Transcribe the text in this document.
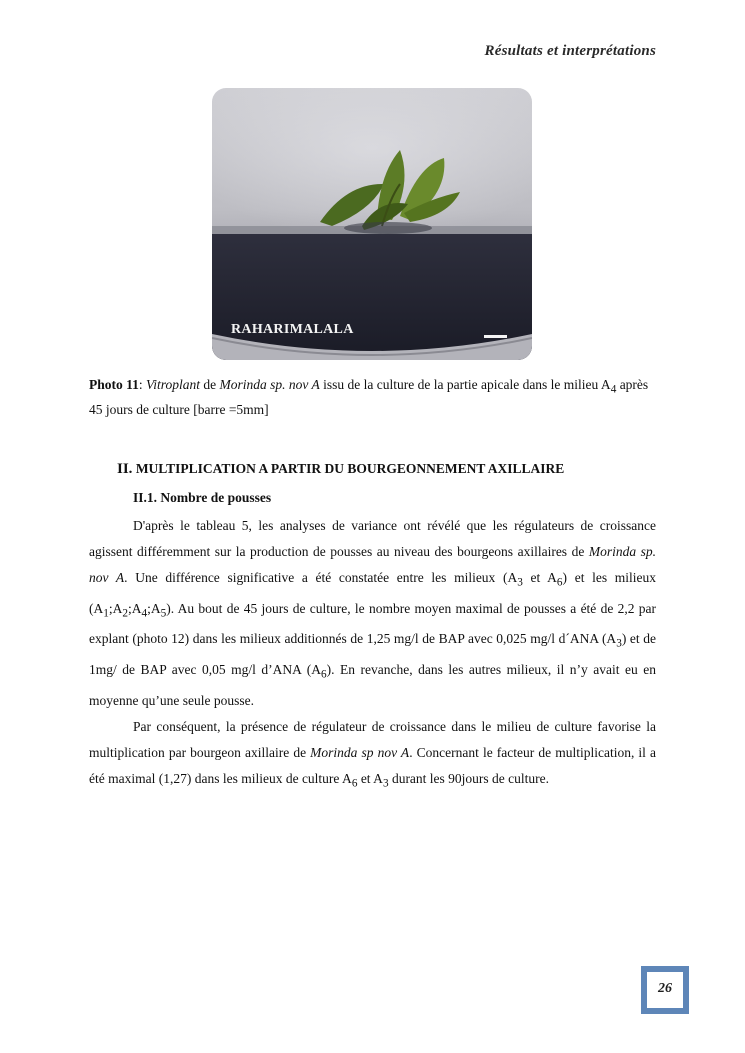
Résultats et interprétations
RAHARIMALALA
Photo 11: Vitroplant de Morinda sp. nov A issu de la culture de la partie apicale dans le milieu $A_4$ après 45 jours de culture [barre =5mm]
II. MULTIPLICATION A PARTIR DU BOURGEONNEMENT AXILLAIRE
II.1. Nombre de pousses

D'après le tableau 5, les analyses de variance ont révélé que les régulateurs de croissance agissent différemment sur la production de pousses au niveau des bourgeons axillaires de Morinda sp. nov A. Une différence significative a été constatée entre les milieux ($A_3$ et $A_6$) et les milieux $(A_1;A_2;A_4;A_5)$. Au bout de 45 jours de culture, le nombre moyen maximal de pousses a été de 2,2 par explant (photo 12) dans les milieux additionnés de 1,25 mg/l de BAP avec 0,025 mg/l d´ANA $(A_3)$ et de 1mg/ de BAP avec 0,05 mg/l d’ANA $(A_6)$. En revanche, dans les autres milieux, il n’y avait eu en moyenne qu’une seule pousse.

Par conséquent, la présence de régulateur de croissance dans le milieu de culture favorise la multiplication par bourgeon axillaire de Morinda sp nov A. Concernant le facteur de multiplication, il a été maximal (1,27) dans les milieux de culture $A_6$ et $A_3$ durant les 90jours de culture.

26
